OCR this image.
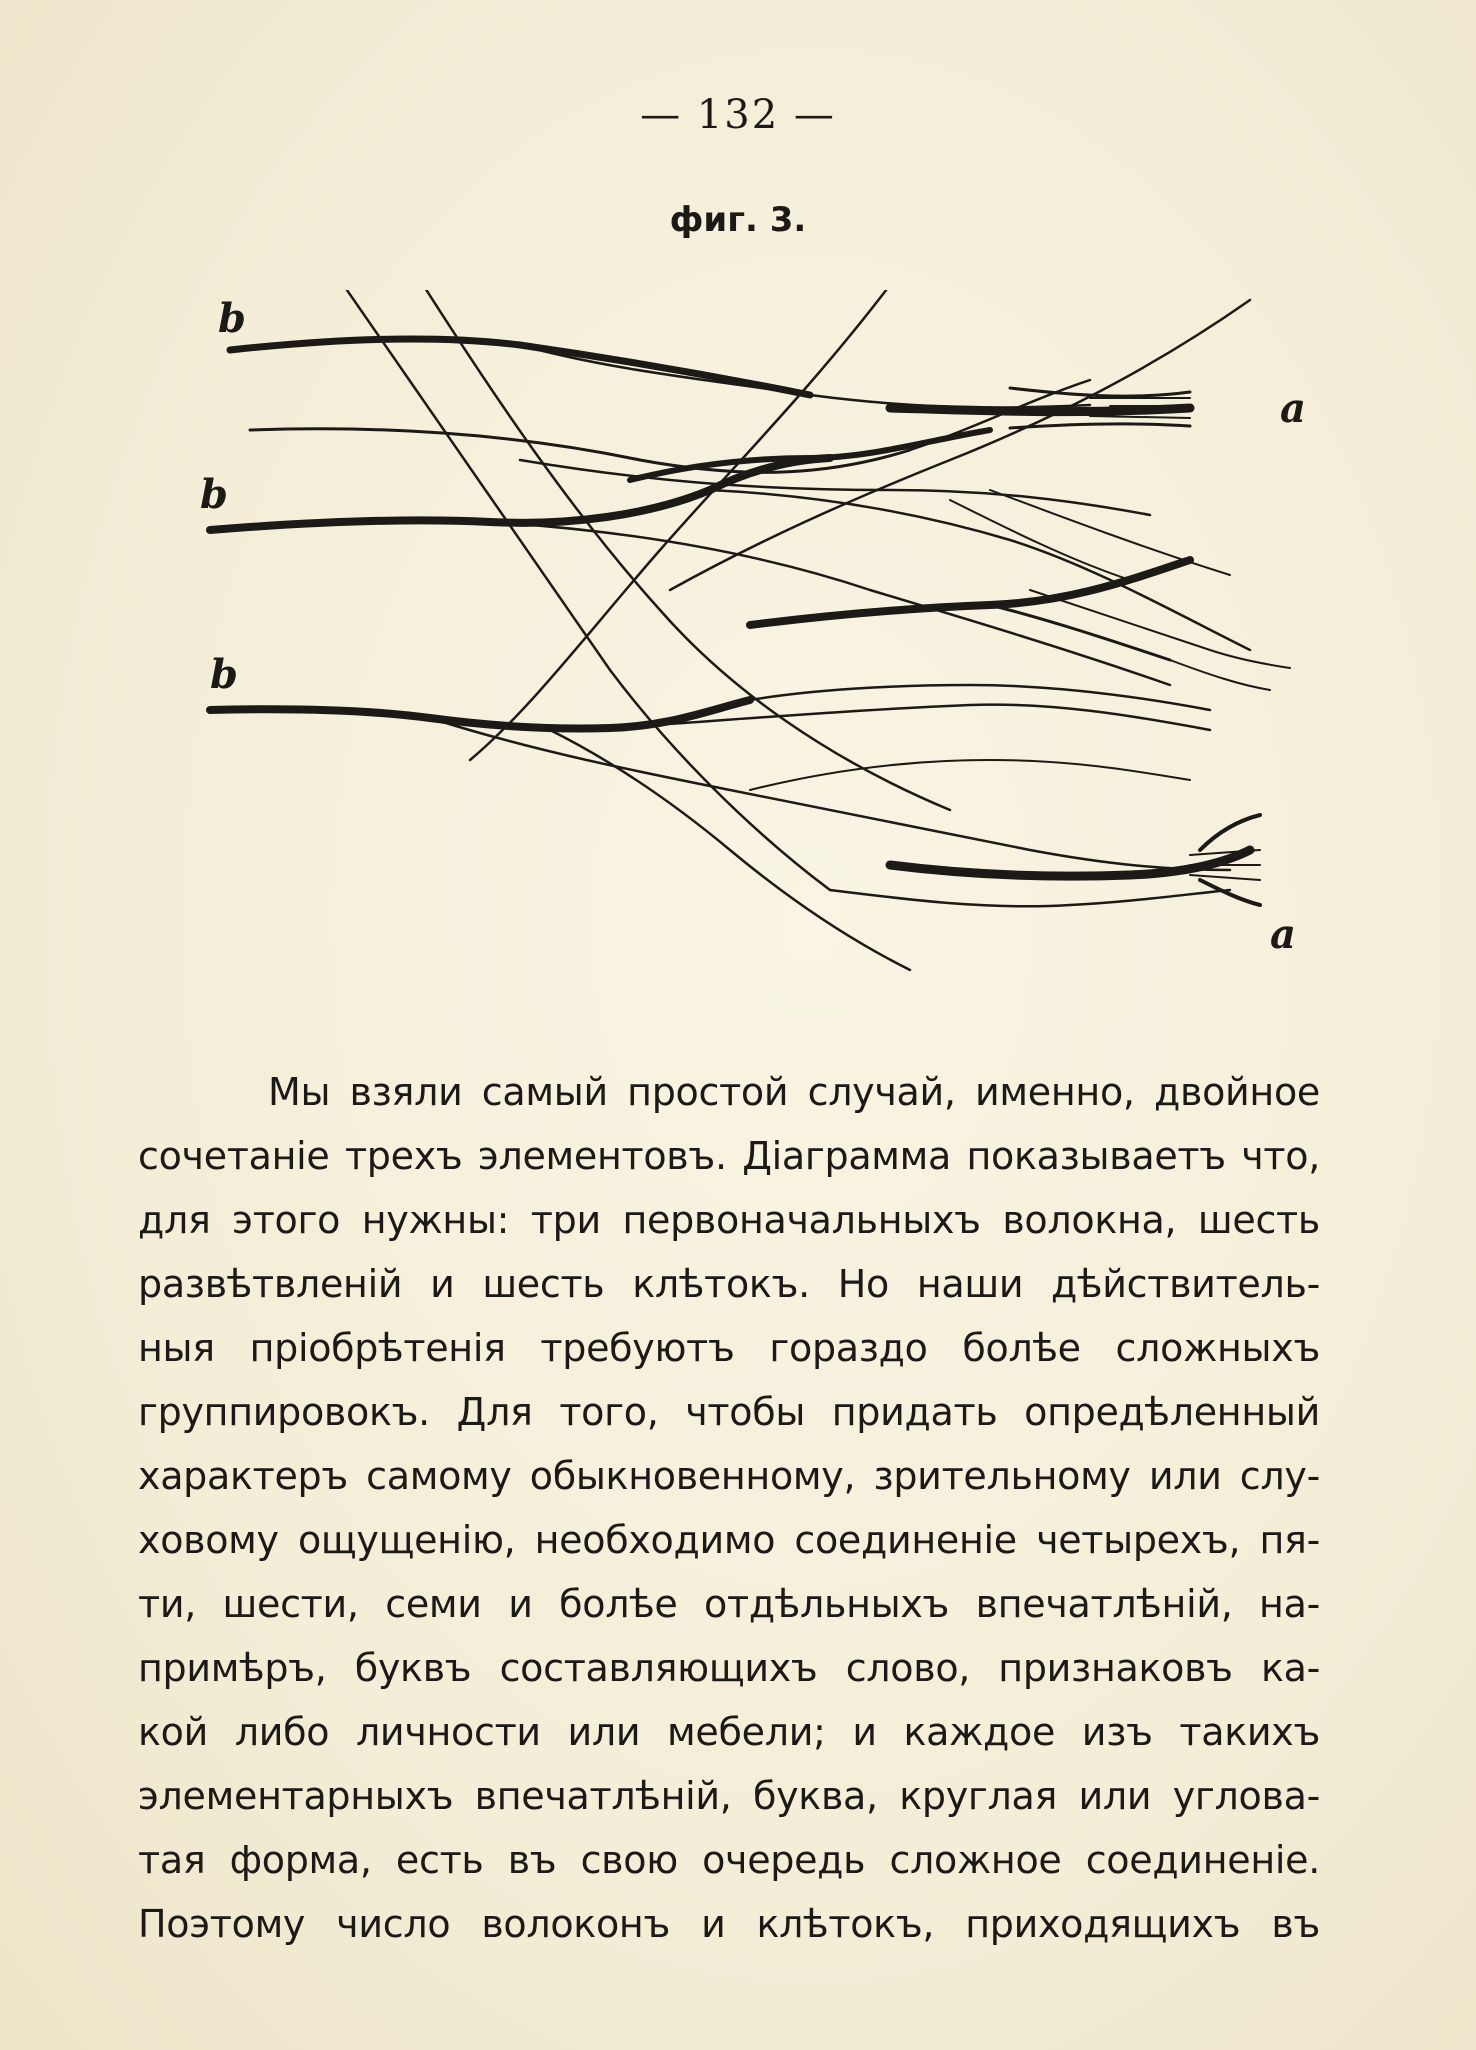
— 132 —
фиг. 3.
b
b
b
a
a
Мы взяли самый простой случай, именно, двойное
сочетаніе трехъ элементовъ. Діаграмма показываетъ что,
для этого нужны: три первоначальныхъ волокна, шесть
развѣтвленій и шесть клѣтокъ. Но наши дѣйствитель-
ныя пріобрѣтенія требуютъ гораздо болѣе сложныхъ
группировокъ. Для того, чтобы придать опредѣленный
характеръ самому обыкновенному, зрительному или слу-
ховому ощущенію, необходимо соединеніе четырехъ, пя-
ти, шести, семи и болѣе отдѣльныхъ впечатлѣній, на-
примѣръ, буквъ составляющихъ слово, признаковъ ка-
кой либо личности или мебели; и каждое изъ такихъ
элементарныхъ впечатлѣній, буква, круглая или углова-
тая форма, есть въ свою очередь сложное соединеніе.
Поэтому число волоконъ и клѣтокъ, приходящихъ въ
